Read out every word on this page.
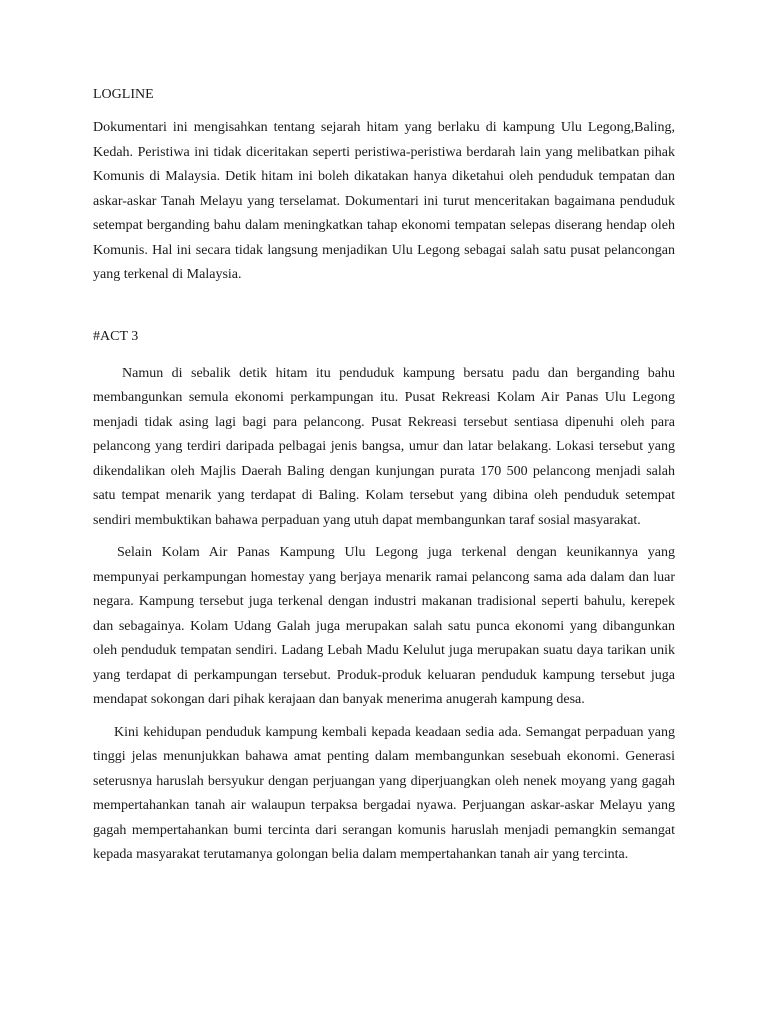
LOGLINE

Dokumentari ini mengisahkan tentang sejarah hitam yang berlaku di kampung Ulu Legong,Baling, Kedah. Peristiwa ini tidak diceritakan seperti peristiwa-peristiwa berdarah lain yang melibatkan pihak Komunis di Malaysia. Detik hitam ini boleh dikatakan hanya diketahui oleh penduduk tempatan dan askar-askar Tanah Melayu yang terselamat. Dokumentari ini turut menceritakan bagaimana penduduk setempat berganding bahu dalam meningkatkan tahap ekonomi tempatan selepas diserang hendap oleh Komunis. Hal ini secara tidak langsung menjadikan Ulu Legong sebagai salah satu pusat pelancongan yang terkenal di Malaysia.

#ACT 3

Namun di sebalik detik hitam itu penduduk kampung bersatu padu dan berganding bahu membangunkan semula ekonomi perkampungan itu. Pusat Rekreasi Kolam Air Panas Ulu Legong menjadi tidak asing lagi bagi para pelancong. Pusat Rekreasi tersebut sentiasa dipenuhi oleh para pelancong yang terdiri daripada pelbagai jenis bangsa, umur dan latar belakang. Lokasi tersebut yang dikendalikan oleh Majlis Daerah Baling dengan kunjungan purata 170 500 pelancong menjadi salah satu tempat menarik yang terdapat di Baling. Kolam tersebut yang dibina oleh penduduk setempat sendiri membuktikan bahawa perpaduan yang utuh dapat membangunkan taraf sosial masyarakat.

Selain Kolam Air Panas Kampung Ulu Legong juga terkenal dengan keunikannya yang mempunyai perkampungan homestay yang berjaya menarik ramai pelancong sama ada dalam dan luar negara. Kampung tersebut juga terkenal dengan industri makanan tradisional seperti bahulu, kerepek dan sebagainya. Kolam Udang Galah juga merupakan salah satu punca ekonomi yang dibangunkan oleh penduduk tempatan sendiri. Ladang Lebah Madu Kelulut juga merupakan suatu daya tarikan unik yang terdapat di perkampungan tersebut. Produk-produk keluaran penduduk kampung tersebut juga mendapat sokongan dari pihak kerajaan dan banyak menerima anugerah kampung desa.

Kini kehidupan penduduk kampung kembali kepada keadaan sedia ada. Semangat perpaduan yang tinggi jelas menunjukkan bahawa amat penting dalam membangunkan sesebuah ekonomi. Generasi seterusnya haruslah bersyukur dengan perjuangan yang diperjuangkan oleh nenek moyang yang gagah mempertahankan tanah air walaupun terpaksa bergadai nyawa. Perjuangan askar-askar Melayu yang gagah mempertahankan bumi tercinta dari serangan komunis haruslah menjadi pemangkin semangat kepada masyarakat terutamanya golongan belia dalam mempertahankan tanah air yang tercinta.
